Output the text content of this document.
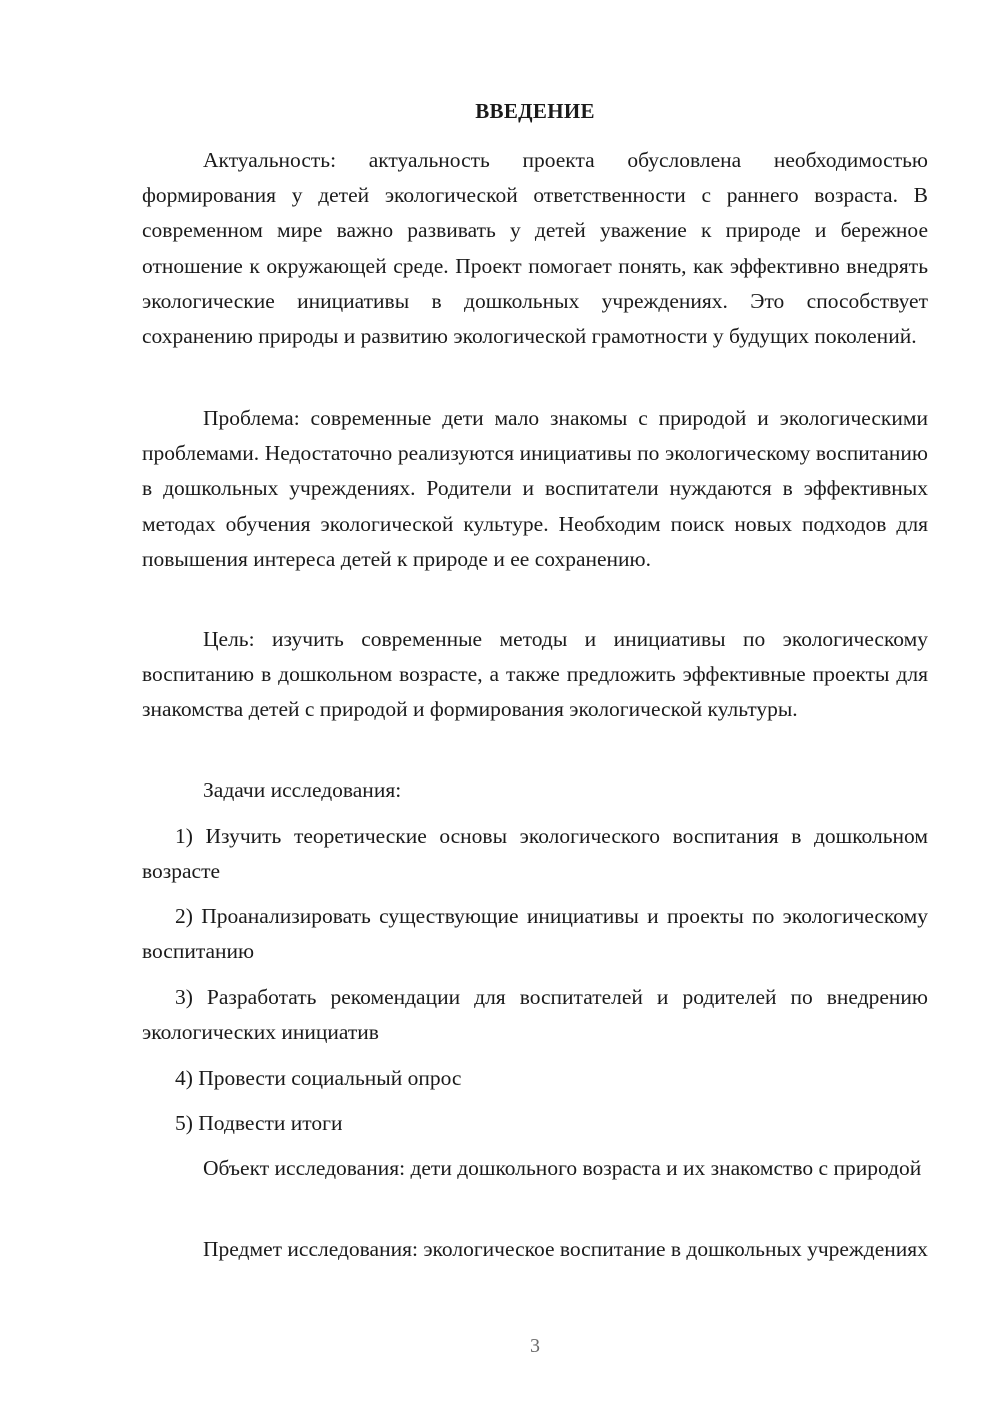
ВВЕДЕНИЕ

Актуальность: актуальность проекта обусловлена необходимостью формирования у детей экологической ответственности с раннего возраста. В современном мире важно развивать у детей уважение к природе и бережное отношение к окружающей среде. Проект помогает понять, как эффективно внедрять экологические инициативы в дошкольных учреждениях. Это способствует сохранению природы и развитию экологической грамотности у будущих поколений.

Проблема: современные дети мало знакомы с природой и экологическими проблемами. Недостаточно реализуются инициативы по экологическому воспитанию в дошкольных учреждениях. Родители и воспитатели нуждаются в эффективных методах обучения экологической культуре. Необходим поиск новых подходов для повышения интереса детей к природе и ее сохранению.

Цель: изучить современные методы и инициативы по экологическому воспитанию в дошкольном возрасте, а также предложить эффективные проекты для знакомства детей с природой и формирования экологической культуры.

Задачи исследования:

1) Изучить теоретические основы экологического воспитания в дошкольном возрасте

2) Проанализировать существующие инициативы и проекты по экологическому воспитанию

3) Разработать рекомендации для воспитателей и родителей по внедрению экологических инициатив

4) Провести социальный опрос

5) Подвести итоги

Объект исследования: дети дошкольного возраста и их знакомство с природой

Предмет исследования: экологическое воспитание в дошкольных учреждениях

3
